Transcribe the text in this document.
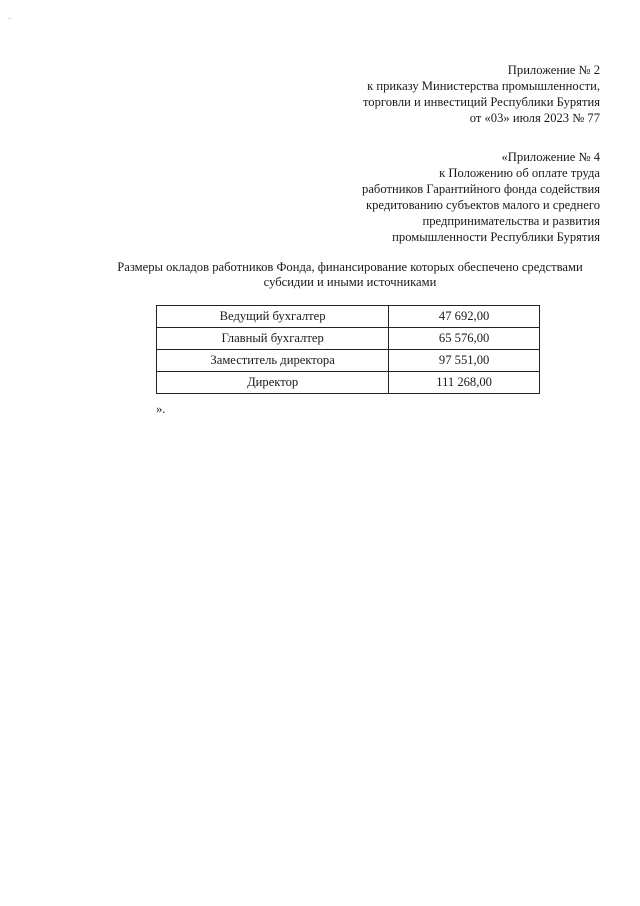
Приложение № 2
к приказу Министерства промышленности,
торговли и инвестиций Республики Бурятия
от «03» июля 2023 № 77
«Приложение № 4
к Положению об оплате труда
работников Гарантийного фонда содействия
кредитованию субъектов малого и среднего
предпринимательства и развития
промышленности Республики Бурятия
Размеры окладов работников Фонда, финансирование которых обеспечено средствами
субсидии и иными источниками
Ведущий бухгалтер	47 692,00
Главный бухгалтер	65 576,00
Заместитель директора	97 551,00
Директор	111 268,00
».
